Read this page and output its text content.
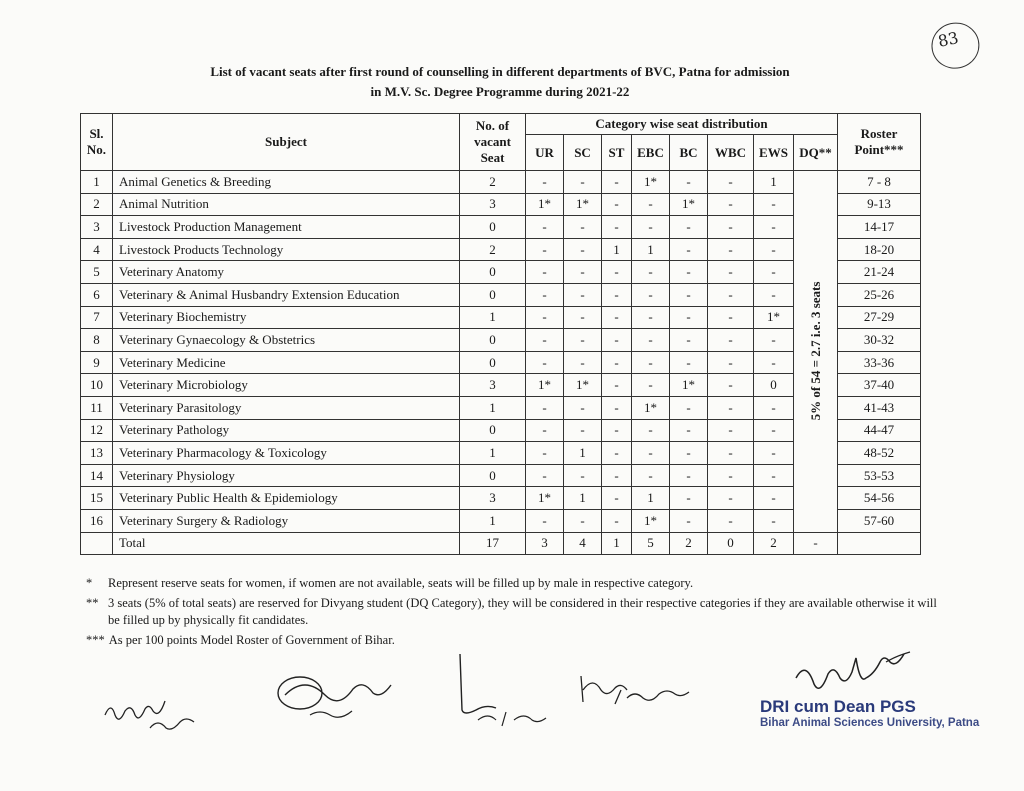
List of vacant seats after first round of counselling in different departments of BVC, Patna for admission
in M.V. Sc. Degree Programme during 2021-22
83
Sl. No.	Subject	No. of vacant Seat	Category wise seat distribution								Roster Point***
			UR	SC	ST	EBC	BC	WBC	EWS	DQ**	
1	Animal Genetics & Breeding	2	-	-	-	1*	-	-	1	5% of 54 = 2.7 i.e. 3 seats	7 - 8
2	Animal Nutrition	3	1*	1*	-	-	1*	-	-		9-13
3	Livestock Production Management	0	-	-	-	-	-	-	-		14-17
4	Livestock Products Technology	2	-	-	1	1	-	-	-		18-20
5	Veterinary Anatomy	0	-	-	-	-	-	-	-		21-24
6	Veterinary & Animal Husbandry Extension Education	0	-	-	-	-	-	-	-		25-26
7	Veterinary Biochemistry	1	-	-	-	-	-	-	1*		27-29
8	Veterinary Gynaecology & Obstetrics	0	-	-	-	-	-	-	-		30-32
9	Veterinary Medicine	0	-	-	-	-	-	-	-		33-36
10	Veterinary Microbiology	3	1*	1*	-	-	1*	-	0		37-40
11	Veterinary Parasitology	1	-	-	-	1*	-	-	-		41-43
12	Veterinary Pathology	0	-	-	-	-	-	-	-		44-47
13	Veterinary Pharmacology & Toxicology	1	-	1	-	-	-	-	-		48-52
14	Veterinary Physiology	0	-	-	-	-	-	-	-		53-53
15	Veterinary Public Health & Epidemiology	3	1*	1	-	1	-	-	-		54-56
16	Veterinary Surgery & Radiology	1	-	-	-	1*	-	-	-		57-60
	Total	17	3	4	1	5	2	0	2	-	
*	Represent reserve seats for women, if women are not available, seats will be filled up by male in respective category.
** 3 seats (5% of total seats) are reserved for Divyang student (DQ Category), they will be considered in their respective categories if they are available otherwise it will be filled up by physically fit candidates.
*** As per 100 points Model Roster of Government of Bihar.
DRI cum Dean PGS
Bihar Animal Sciences University, Patna
